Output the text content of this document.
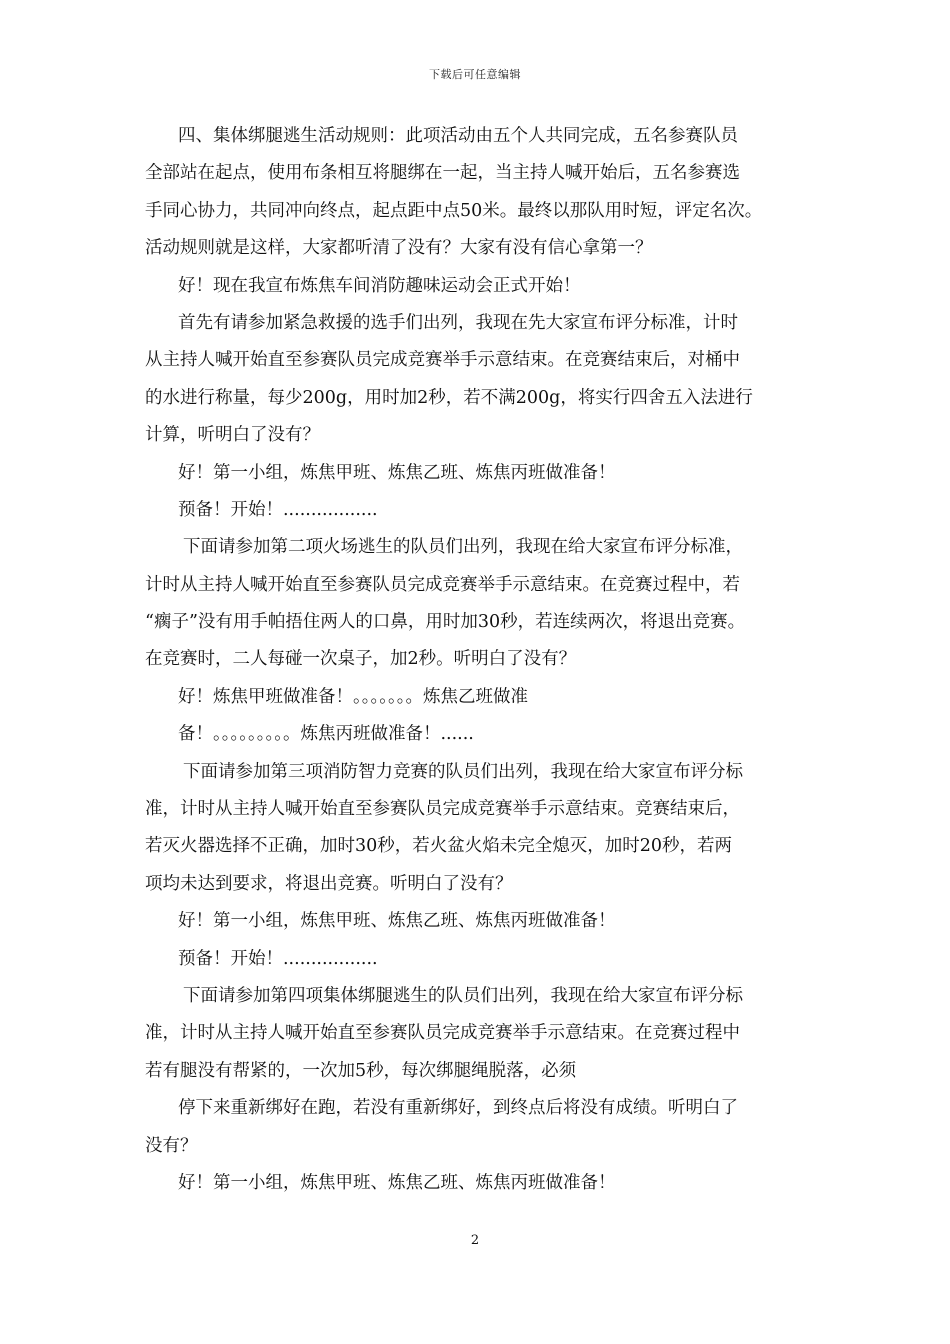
下载后可任意编辑
四、集体绑腿逃生活动规则：此项活动由五个人共同完成，五名参赛队员
全部站在起点，使用布条相互将腿绑在一起，当主持人喊开始后，五名参赛选
手同心协力，共同冲向终点，起点距中点50米。最终以那队用时短，评定名次。
活动规则就是这样，大家都听清了没有？大家有没有信心拿第一？
好！现在我宣布炼焦车间消防趣味运动会正式开始！
首先有请参加紧急救援的选手们出列，我现在先大家宣布评分标准，计时
从主持人喊开始直至参赛队员完成竞赛举手示意结束。在竞赛结束后，对桶中
的水进行称量，每少200g，用时加2秒，若不满200g，将实行四舍五入法进行
计算，听明白了没有？
好！第一小组，炼焦甲班、炼焦乙班、炼焦丙班做准备！
预备！开始！.................
下面请参加第二项火场逃生的队员们出列，我现在给大家宣布评分标准，
计时从主持人喊开始直至参赛队员完成竞赛举手示意结束。在竞赛过程中，若
“瘸子”没有用手帕捂住两人的口鼻，用时加30秒，若连续两次，将退出竞赛。
在竞赛时，二人每碰一次桌子，加2秒。听明白了没有？
好！炼焦甲班做准备！。。。。。。。炼焦乙班做准
备！。。。。。。。。。炼焦丙班做准备！......
下面请参加第三项消防智力竞赛的队员们出列，我现在给大家宣布评分标
准，计时从主持人喊开始直至参赛队员完成竞赛举手示意结束。竞赛结束后，
若灭火器选择不正确，加时30秒，若火盆火焰未完全熄灭，加时20秒，若两
项均未达到要求，将退出竞赛。听明白了没有？
好！第一小组，炼焦甲班、炼焦乙班、炼焦丙班做准备！
预备！开始！.................
下面请参加第四项集体绑腿逃生的队员们出列，我现在给大家宣布评分标
准，计时从主持人喊开始直至参赛队员完成竞赛举手示意结束。在竞赛过程中
若有腿没有帮紧的，一次加5秒，每次绑腿绳脱落，必须
停下来重新绑好在跑，若没有重新绑好，到终点后将没有成绩。听明白了
没有？
好！第一小组，炼焦甲班、炼焦乙班、炼焦丙班做准备！
2
